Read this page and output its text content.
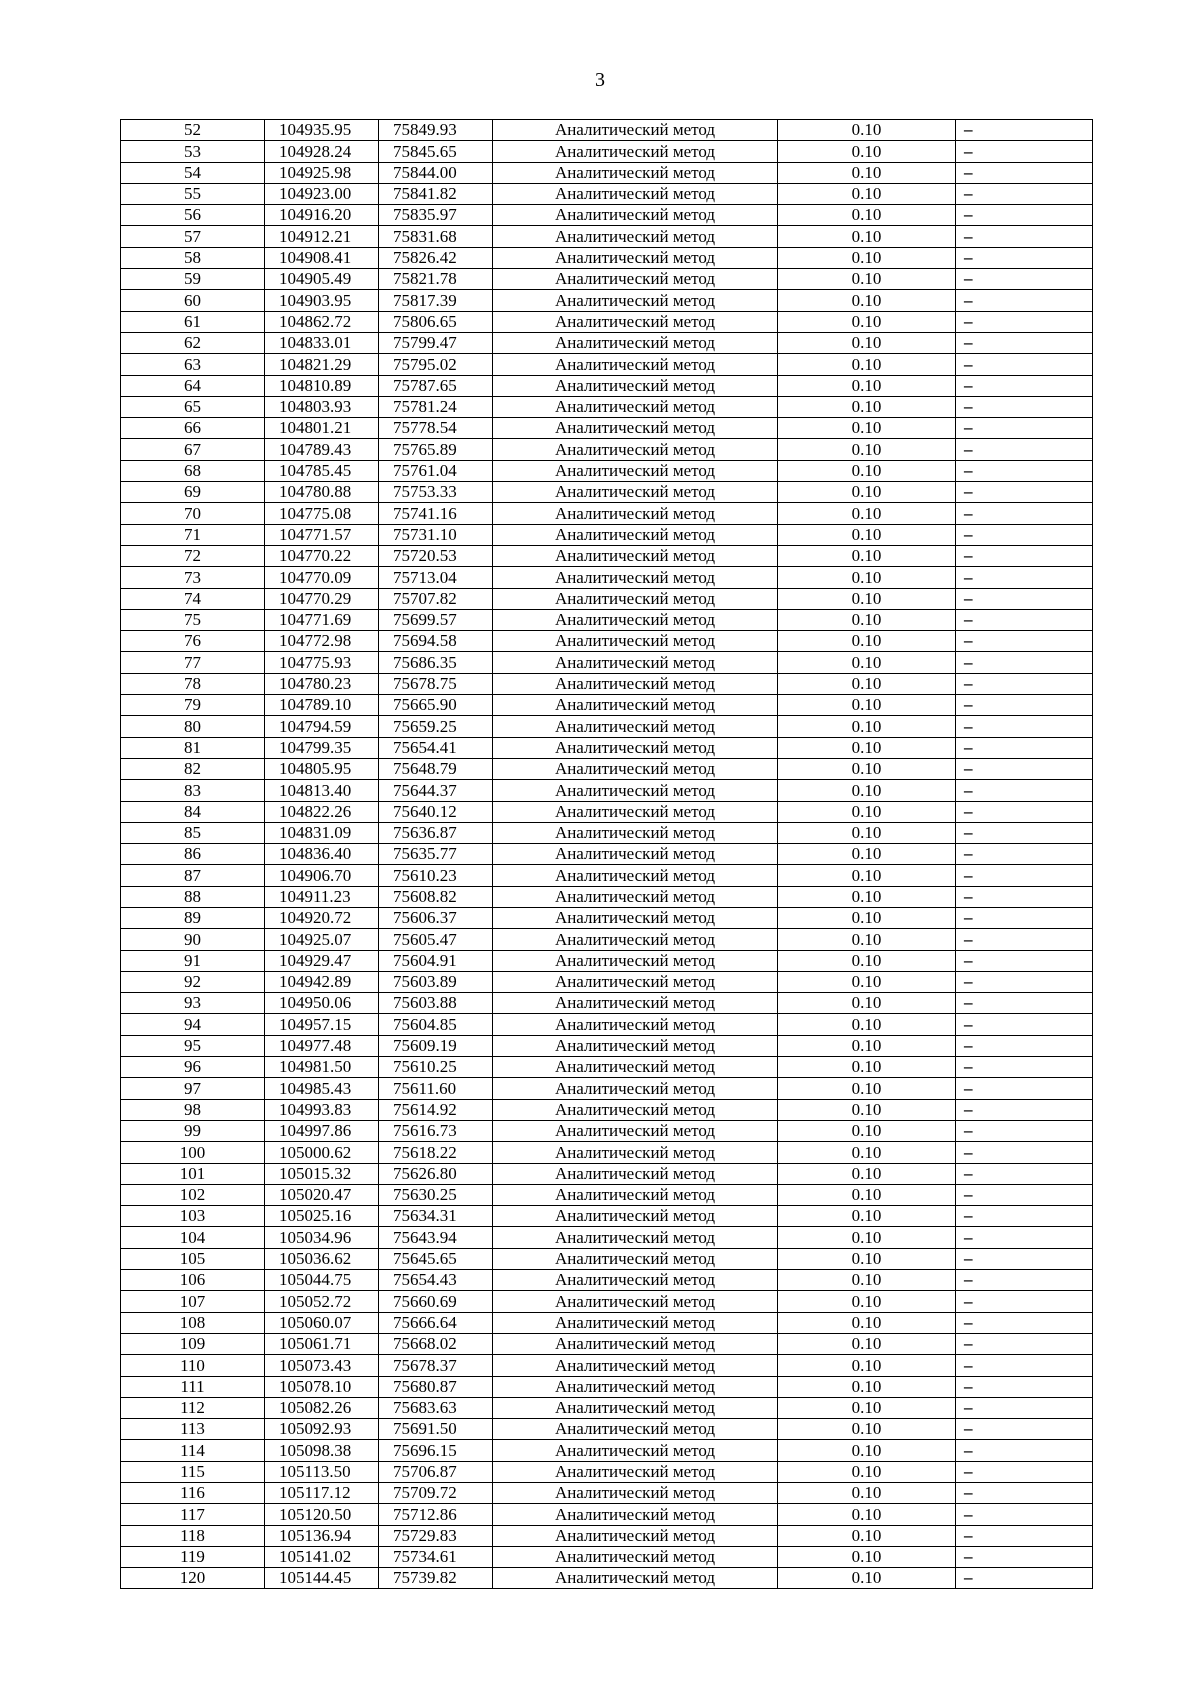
3
52	104935.95	75849.93	Аналитический метод	0.10	–
53	104928.24	75845.65	Аналитический метод	0.10	–
54	104925.98	75844.00	Аналитический метод	0.10	–
55	104923.00	75841.82	Аналитический метод	0.10	–
56	104916.20	75835.97	Аналитический метод	0.10	–
57	104912.21	75831.68	Аналитический метод	0.10	–
58	104908.41	75826.42	Аналитический метод	0.10	–
59	104905.49	75821.78	Аналитический метод	0.10	–
60	104903.95	75817.39	Аналитический метод	0.10	–
61	104862.72	75806.65	Аналитический метод	0.10	–
62	104833.01	75799.47	Аналитический метод	0.10	–
63	104821.29	75795.02	Аналитический метод	0.10	–
64	104810.89	75787.65	Аналитический метод	0.10	–
65	104803.93	75781.24	Аналитический метод	0.10	–
66	104801.21	75778.54	Аналитический метод	0.10	–
67	104789.43	75765.89	Аналитический метод	0.10	–
68	104785.45	75761.04	Аналитический метод	0.10	–
69	104780.88	75753.33	Аналитический метод	0.10	–
70	104775.08	75741.16	Аналитический метод	0.10	–
71	104771.57	75731.10	Аналитический метод	0.10	–
72	104770.22	75720.53	Аналитический метод	0.10	–
73	104770.09	75713.04	Аналитический метод	0.10	–
74	104770.29	75707.82	Аналитический метод	0.10	–
75	104771.69	75699.57	Аналитический метод	0.10	–
76	104772.98	75694.58	Аналитический метод	0.10	–
77	104775.93	75686.35	Аналитический метод	0.10	–
78	104780.23	75678.75	Аналитический метод	0.10	–
79	104789.10	75665.90	Аналитический метод	0.10	–
80	104794.59	75659.25	Аналитический метод	0.10	–
81	104799.35	75654.41	Аналитический метод	0.10	–
82	104805.95	75648.79	Аналитический метод	0.10	–
83	104813.40	75644.37	Аналитический метод	0.10	–
84	104822.26	75640.12	Аналитический метод	0.10	–
85	104831.09	75636.87	Аналитический метод	0.10	–
86	104836.40	75635.77	Аналитический метод	0.10	–
87	104906.70	75610.23	Аналитический метод	0.10	–
88	104911.23	75608.82	Аналитический метод	0.10	–
89	104920.72	75606.37	Аналитический метод	0.10	–
90	104925.07	75605.47	Аналитический метод	0.10	–
91	104929.47	75604.91	Аналитический метод	0.10	–
92	104942.89	75603.89	Аналитический метод	0.10	–
93	104950.06	75603.88	Аналитический метод	0.10	–
94	104957.15	75604.85	Аналитический метод	0.10	–
95	104977.48	75609.19	Аналитический метод	0.10	–
96	104981.50	75610.25	Аналитический метод	0.10	–
97	104985.43	75611.60	Аналитический метод	0.10	–
98	104993.83	75614.92	Аналитический метод	0.10	–
99	104997.86	75616.73	Аналитический метод	0.10	–
100	105000.62	75618.22	Аналитический метод	0.10	–
101	105015.32	75626.80	Аналитический метод	0.10	–
102	105020.47	75630.25	Аналитический метод	0.10	–
103	105025.16	75634.31	Аналитический метод	0.10	–
104	105034.96	75643.94	Аналитический метод	0.10	–
105	105036.62	75645.65	Аналитический метод	0.10	–
106	105044.75	75654.43	Аналитический метод	0.10	–
107	105052.72	75660.69	Аналитический метод	0.10	–
108	105060.07	75666.64	Аналитический метод	0.10	–
109	105061.71	75668.02	Аналитический метод	0.10	–
110	105073.43	75678.37	Аналитический метод	0.10	–
111	105078.10	75680.87	Аналитический метод	0.10	–
112	105082.26	75683.63	Аналитический метод	0.10	–
113	105092.93	75691.50	Аналитический метод	0.10	–
114	105098.38	75696.15	Аналитический метод	0.10	–
115	105113.50	75706.87	Аналитический метод	0.10	–
116	105117.12	75709.72	Аналитический метод	0.10	–
117	105120.50	75712.86	Аналитический метод	0.10	–
118	105136.94	75729.83	Аналитический метод	0.10	–
119	105141.02	75734.61	Аналитический метод	0.10	–
120	105144.45	75739.82	Аналитический метод	0.10	–
